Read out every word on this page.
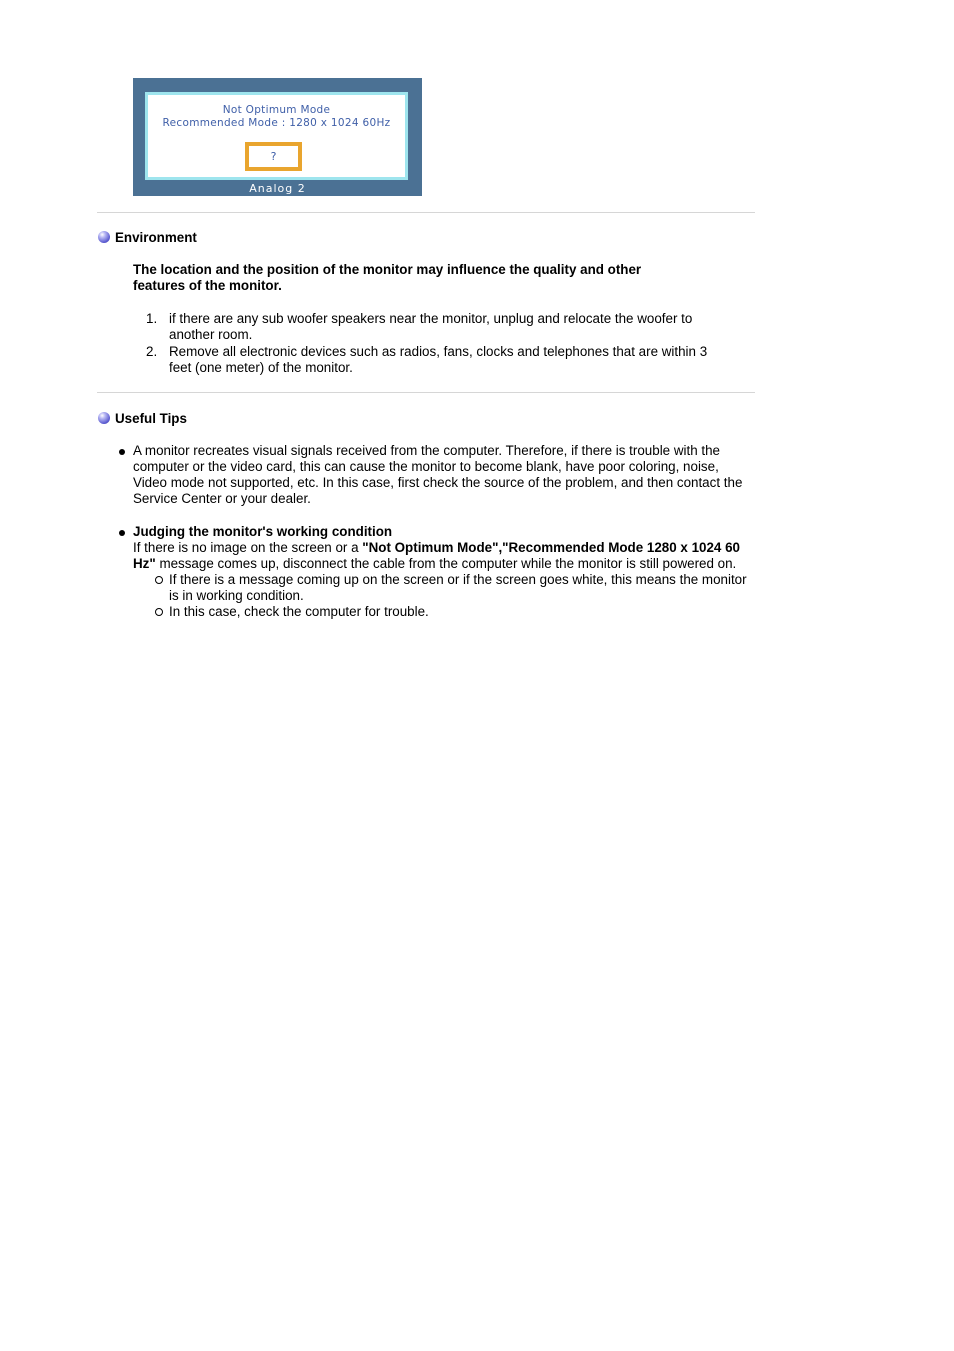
Not Optimum Mode
Recommended Mode : 1280 x 1024 60Hz
?
Analog 2
Environment
The location and the position of the monitor may influence the quality and other features of the monitor.
1. if there are any sub woofer speakers near the monitor, unplug and relocate the woofer to another room.
2. Remove all electronic devices such as radios, fans, clocks and telephones that are within 3 feet (one meter) of the monitor.
Useful Tips
A monitor recreates visual signals received from the computer. Therefore, if there is trouble with the computer or the video card, this can cause the monitor to become blank, have poor coloring, noise, Video mode not supported, etc. In this case, first check the source of the problem, and then contact the Service Center or your dealer.
Judging the monitor's working condition
If there is no image on the screen or a "Not Optimum Mode","Recommended Mode 1280 x 1024 60 Hz" message comes up, disconnect the cable from the computer while the monitor is still powered on.
If there is a message coming up on the screen or if the screen goes white, this means the monitor is in working condition.
In this case, check the computer for trouble.
